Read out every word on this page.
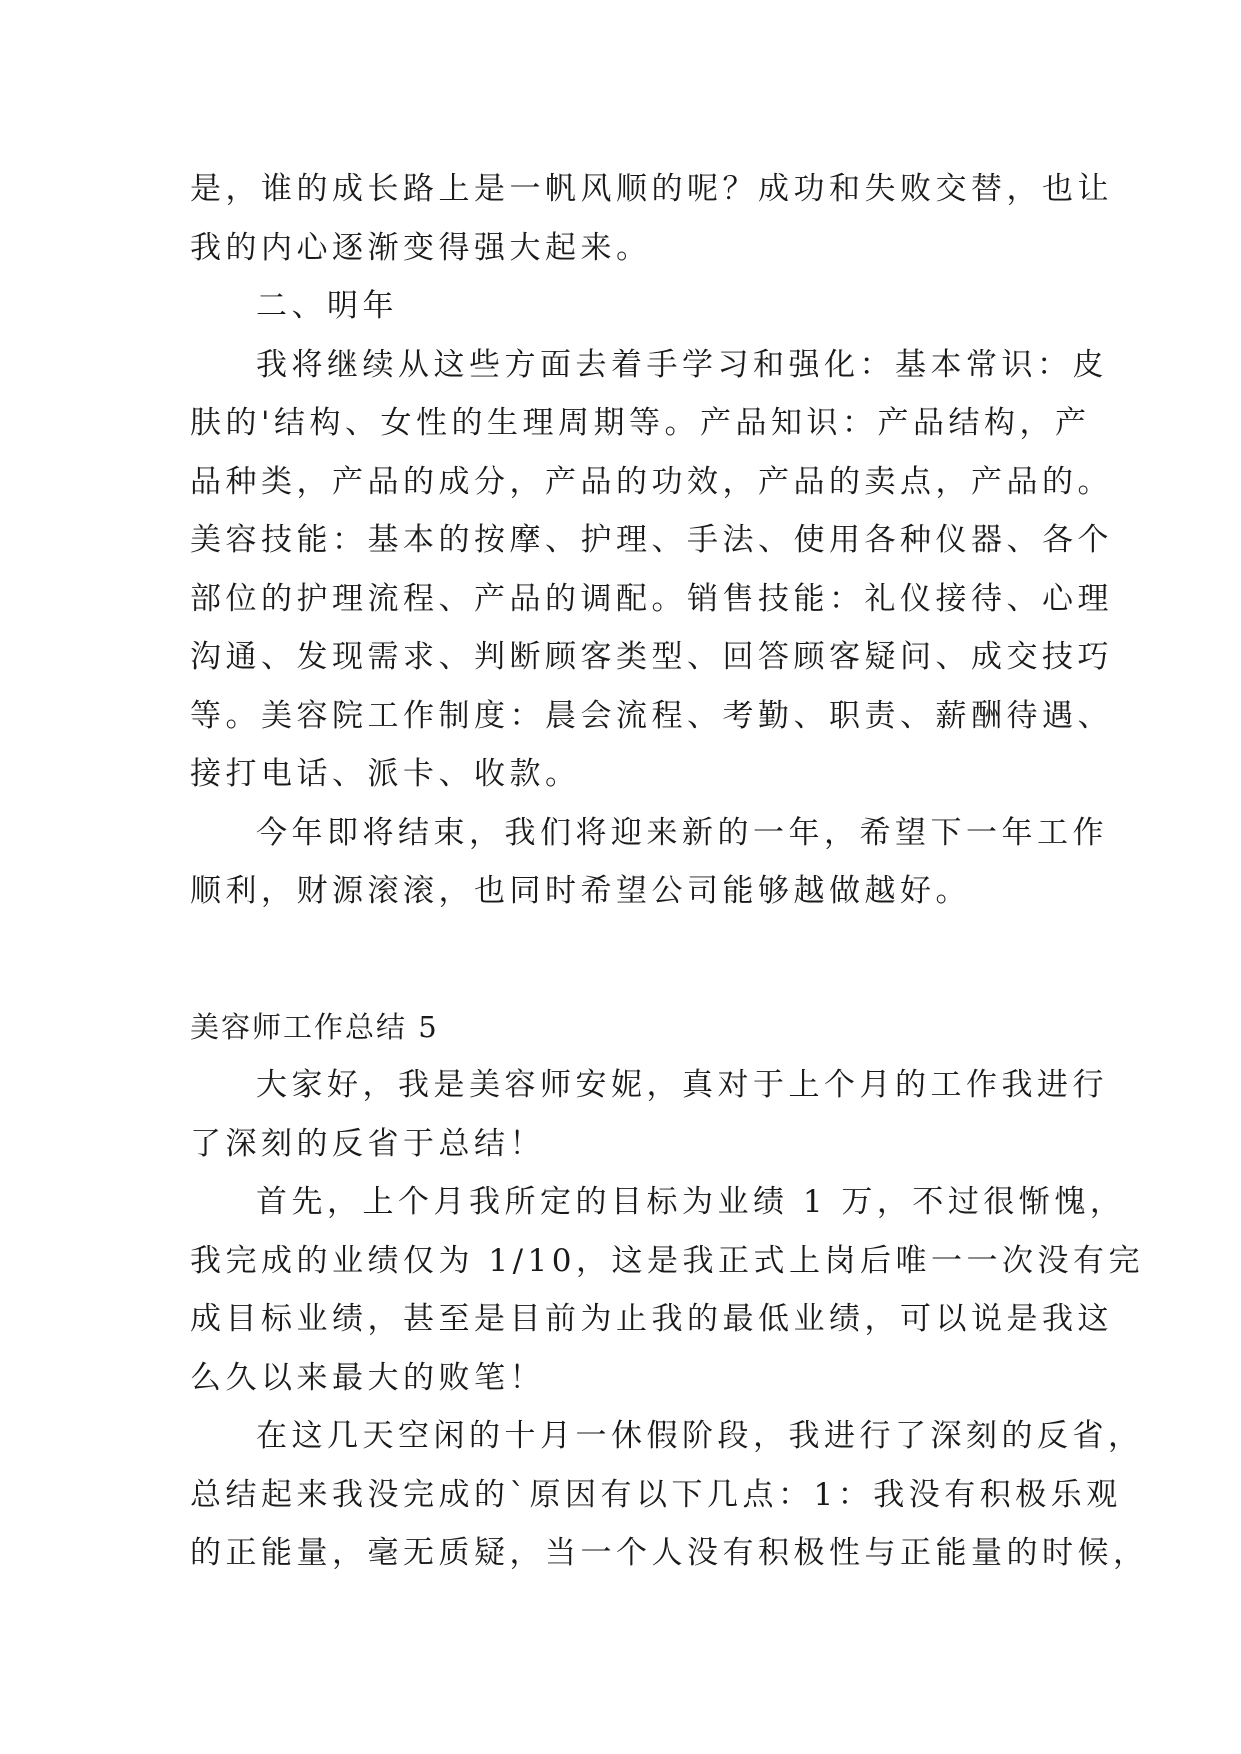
是，谁的成长路上是一帆风顺的呢？成功和失败交替，也让
我的内心逐渐变得强大起来。
二、明年
我将继续从这些方面去着手学习和强化：基本常识：皮
肤的'结构、女性的生理周期等。产品知识：产品结构，产
品种类，产品的成分，产品的功效，产品的卖点，产品的。
美容技能：基本的按摩、护理、手法、使用各种仪器、各个
部位的护理流程、产品的调配。销售技能：礼仪接待、心理
沟通、发现需求、判断顾客类型、回答顾客疑问、成交技巧
等。美容院工作制度：晨会流程、考勤、职责、薪酬待遇、
接打电话、派卡、收款。
今年即将结束，我们将迎来新的一年，希望下一年工作
顺利，财源滚滚，也同时希望公司能够越做越好。
美容师工作总结 5
大家好，我是美容师安妮，真对于上个月的工作我进行
了深刻的反省于总结！
首先，上个月我所定的目标为业绩 1 万，不过很惭愧，
我完成的业绩仅为 1/10，这是我正式上岗后唯一一次没有完
成目标业绩，甚至是目前为止我的最低业绩，可以说是我这
么久以来最大的败笔！
在这几天空闲的十月一休假阶段，我进行了深刻的反省，
总结起来我没完成的`原因有以下几点：1：我没有积极乐观
的正能量，毫无质疑，当一个人没有积极性与正能量的时候，
